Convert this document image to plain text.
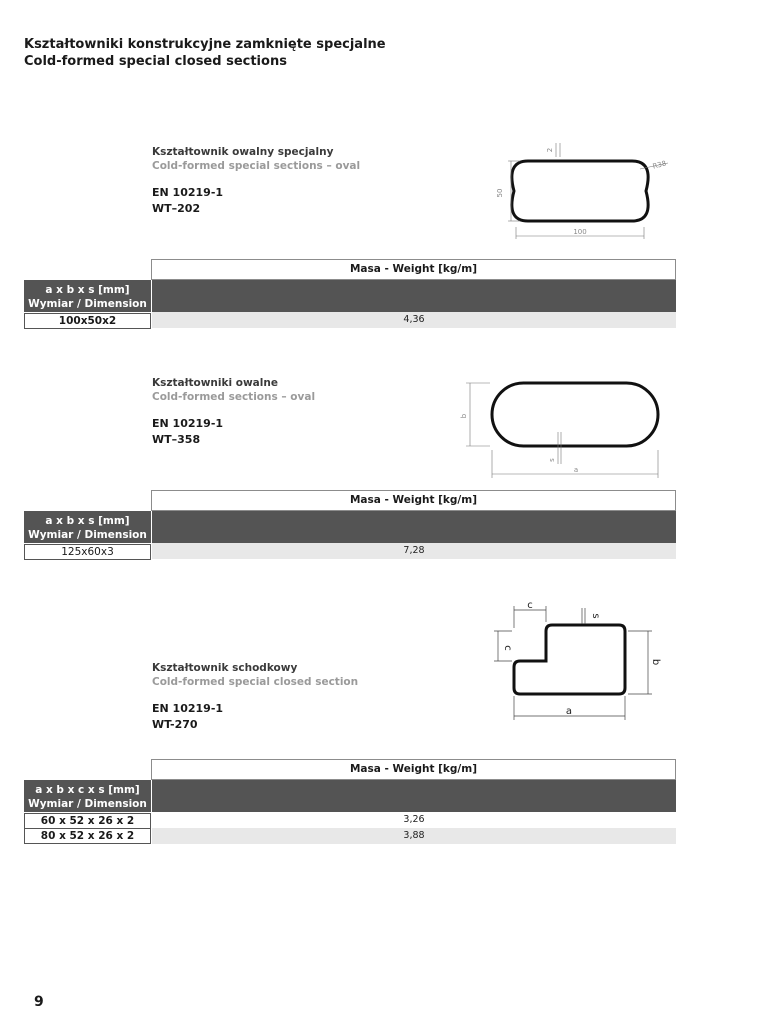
Kształtowniki konstrukcyjne zamknięte specjalne
Cold-formed special closed sections
Kształtownik owalny specjalny
Cold-formed special sections – oval
EN 10219-1
WT–202
100
50
2
R38
Masa - Weight [kg/m]
a x b x s [mm]
Wymiar / Dimension
100x50x2	4,36
Kształtowniki owalne
Cold-formed sections – oval
EN 10219-1
WT–358
b
s
a
Masa - Weight [kg/m]
a x b x s [mm]
Wymiar / Dimension
125x60x3	7,28
Kształtownik schodkowy
Cold-formed special closed section
EN 10219-1
WT-270
c
s
c
b
a
Masa - Weight [kg/m]
a x b x c x s [mm]
Wymiar / Dimension
60 x 52 x 26 x 2	3,26
80 x 52 x 26 x 2	3,88
9
